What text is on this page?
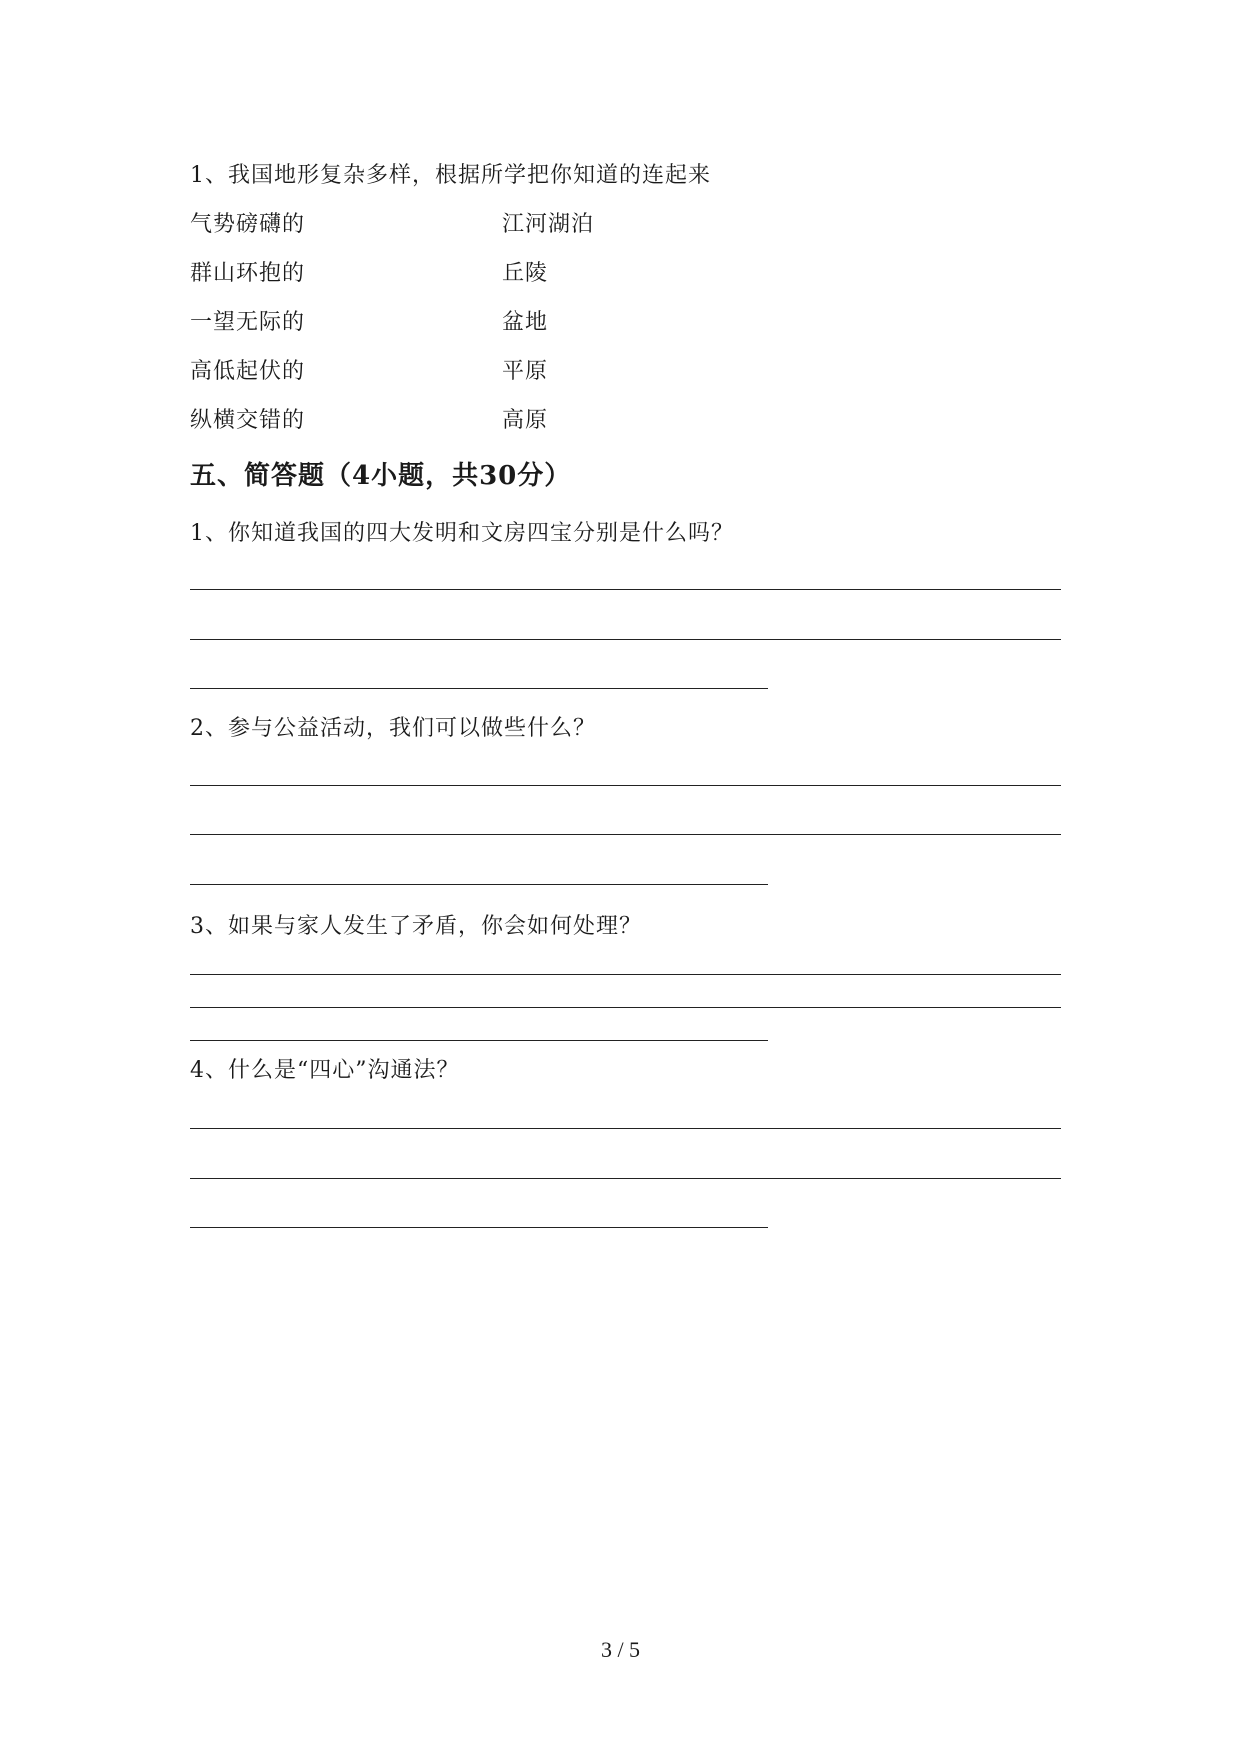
1、我国地形复杂多样，根据所学把你知道的连起来
气势磅礴的	江河湖泊
群山环抱的	丘陵
一望无际的	盆地
高低起伏的	平原
纵横交错的	高原
五、简答题（4小题，共30分）
1、你知道我国的四大发明和文房四宝分别是什么吗？
2、参与公益活动，我们可以做些什么？
3、如果与家人发生了矛盾，你会如何处理？
4、什么是“四心”沟通法？
3 / 5
